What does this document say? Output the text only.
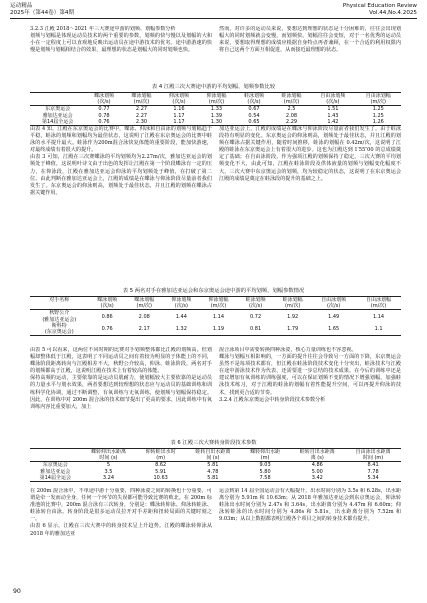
运动精品
2025年（第44卷）第4期
Physical Education Review
Vol.44,No.4.2025

3.2.3 江殿 2018～2021 年三大赛途中游的划频、划幅参数分析

划频与划幅是体现运动员技术的两个重要的参数，划频的快与慢以及划幅的大和小在一定程度上可以直观地反映出运动员在途中游技术的优劣。途中游游速的快慢是划频与划幅相结合的效果，最理想的状态是划幅大的同时划频也快。

然而，对许多的运动员来说，要想达到理想的状态是十分困难的，往往会出现划幅大的同时划频就会变慢，而划频快、划幅往往会变短，对于一名优秀的运动员来说，要想取得理想的成绩应根据自身特点再者兼顾，在一个合适的利用权限内将自己这两个方面互相促进，从而接近最理想的状态。

表 4 江殿三次大赛途中游的平均划幅、划频参数比较
	蝶泳划频	蝶泳划幅	仰泳划频	仰泳划幅	蛙泳划频	蛙泳划幅	自由泳划频	自由泳划幅
	(次/s)	(m/次)	(次/s)	(m/次)	(次/s)	(m/次)	(次/s)	(m/次)
东京奥运会	0.77	2.27	1.16	1.33	0.67	2.5	1.51	1.25
雅加达亚运会	0.78	2.27	1.17	1.39	0.54	2.08	1.43	1.25
第14届全运会	0.76	2.30	1.17	1.30	0.65	2.29	1.42	1.26

由表 4 知，江殿在东京奥运会的比赛中，蝶泳、仰泳和自由泳的划频与划幅趋于平稳，蛙泳的划频和划幅均为最佳状态，这说明了江殿在东京奥运会的比赛中蛙泳的水平提升最大。蛙泳作为200m混合泳快复体能的重要阶段，能加快游速，对最终成绩有着很大的提升。

由表 3 可知，江殿在三次赛蝶泳的平均划频均为2.27m/次，雅加达亚运会的划频处于峰值，这说明叶诗文由于出色的发挥让江殿在第一个阶段蝶泳有一定的压力，在仰泳段，江殿在雅加达亚运会仰泳的平均划频处于峰值，在打破了第二位。由此判断在雅加达亚运会上，江殿的成绩是在蝶泳与仰泳阶段尽量前者我们发生了。东京奥运会的仰泳则高，划频处于最佳状态，并且江殿的划频在蝶泳占据关键作用。

加达亚运会上，江殿的成绩是在蝶泳与仰泳阶段尽量前者我们发生了，由于蛙泳段持有明显的变化。东京奥运会的仰泳则高，划频处于最佳状态，并且江殿的划频在蝶泳占据关键作用，随着时间推移，蛙泳的划幅在 0.42m/次，这说明了江殿的蛙泳在东京奥运会上有着很大的进步。这也为江殿达到 1′55″00 的总成绩奠定了基础；在自由泳阶段，作为强项江殿的划频保持了稳定，三次大赛的平均划频变化不大，由此可知，江殿在蛙泳阶段及供体液量的划频与划幅变化幅度不大，三次大赛中东京奥运会的划频，均为较稳定的状态，这说明了在东京奥运会江殿的成绩是奠定在蛙泳段的提升的基础之上。

表 5 两名对手在雅加达亚运会和东京奥运会途中游的平均划频、划幅参数情况
对手名称	蝶泳划频	蝶泳划幅	仰泳划频	仰泳划幅	蛙泳划频	蛙泳划幅	自由泳划频	自由泳划幅
	(次/s)	(m/次)	(次/s)	(m/次)	(次/s)	(m/次)	(次/s)	(m/次)

秋野公介
(雅加达亚运会)	0.86	2.08	1.44	1.14	0.72	1.92	1.49	1.14

斯科特
(东京奥运会)	0.76	2.17	1.32	1.19	0.81	1.79	1.65	1.1

由表 5 可以看来，这两位不同时期的比赛对手划频整体都比江殿的划频高，但划幅却整体低于江殿，这表明了不同运动员之间有着较为明显的于体能上的不同，蝶泳阶段距离转向与江殿相差不大，秋野公介较高，仰泳、蛙泳阶段，两名对手的划频都高于江殿，这说明江殿在技术上有着较高的体能。

保持高频的运动，主要依靠的是运动员肌耐力，使划幅较大主要依靠的是运动员的力量水平与划水效果，两者要想达到较理想的状态应与运动员的基础训练和训练科学化协调，通过不断调整，有氧训练与无氧训练，使划频与划幅保持稳定。因此，在训练中对 200m 混合泳的技术细节提出了更高的要求，因此训练中有氧训练内容比重要加大，加上

混合泳项目中需要转换四种泳姿，核心力量训练也不容忽视。

蝶泳与划幅互相影响的，一方面的提升往往会导致另一方面的下降，东京奥运会虽然不是每项技术都有，但江殿在蛙泳阶段技术变化十分突出，蛙泳技术与江殿在途中游泳技术作为代表，还需要进一步总结的技术成果。在今后的训练中还是建议增加有氧训练的训练强度，可以在保证划频不变的情况下增强划幅，加强蛙泳技术练习，对于江殿的蛙泳的划幅有着性能提升空间，可以再提升仰泳的技术，找到更合适的节奏。

3.2.4 江殿东京奥运会中转身阶段技术参数分析

表 6 江殿三次大赛转身阶段技术参数
	蝶转仰出水距离	仰转蛙出水时	蛙转自出水距离	蝶转仰出水距	蛙转自出水距离	自由泳出水距离
	时间 (s)	(m)	间 (s)	(m)	离 (s)	时间 (m)
东京奥运会	5	8.62	5.81	9.03	4.86	8.41
雅加达亚运会	3.5	5.91	4.78	5.80	5.00	7.78
第14届全运会	3.24	10.63	5.81	7.58	3.42	5.34

在 200m 混合泳中，不单途中游十分重要，四种泳姿之间的转换也十分重要，可谓是牵一发而动全身，任何一个环节的失误都可能导致比赛的败北。在 200m 标准池的比赛中，200m 混合泳有三次转身，分别是：蝶泳转仰泳、仰泳转蛙泳、蛙泳转自由泳。转身阶段是很多运动员拉开对手差距和扭转局面的关键时刻之一。

由表 6 显示，江殿在三次大赛中的转身技术呈上升趋势。江殿的蝶泳转仰泳从 2018 年的雅加达亚

运会到第 14 届全国运动会有大幅提升，出水时间分别为 3.5s 和 6.28s，出水距离分别为 5.91m 和 10.63m；从 2018 年雅加达亚运会到东京奥运会，仰泳转蛙泳出水时间分别为 2.47s 和 3.64s，出水距离分别为 4.47m 和 6.60m；仰泳转蛙泳的出水时间分别为 4.86s 和 5.81s，出水距离分别为 7.52m 和 9.03m；从以上数据都表明江殿各个项目之间的转身技术都有提升。

90
